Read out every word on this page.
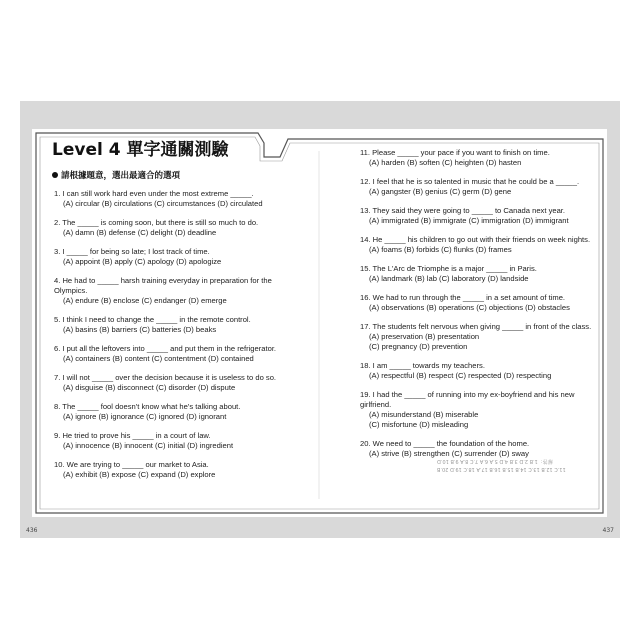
Level 4 單字通關測驗
請根據題意，選出最適合的選項
1. I can still work hard even under the most extreme _____.
(A) circular (B) circulations (C) circumstances (D) circulated
2. The _____ is coming soon, but there is still so much to do.
(A) damn (B) defense (C) delight (D) deadline
3. I _____ for being so late; I lost track of time.
(A) appoint (B) apply (C) apology (D) apologize
4. He had to _____ harsh training everyday in preparation for the Olympics.
(A) endure (B) enclose (C) endanger (D) emerge
5. I think I need to change the _____ in the remote control.
(A) basins (B) barriers (C) batteries (D) beaks
6. I put all the leftovers into _____ and put them in the refrigerator.
(A) containers (B) content (C) contentment (D) contained
7. I will not _____ over the decision because it is useless to do so.
(A) disguise (B) disconnect (C) disorder (D) dispute
8. The _____ fool doesn't know what he's talking about.
(A) ignore (B) ignorance (C) ignored (D) ignorant
9. He tried to prove his _____ in a court of law.
(A) innocence (B) innocent (C) initial (D) ingredient
10. We are trying to _____ our market to Asia.
(A) exhibit (B) expose (C) expand (D) explore
11. Please _____ your pace if you want to finish on time.
(A) harden (B) soften (C) heighten (D) hasten
12. I feel that he is so talented in music that he could be a _____.
(A) gangster (B) genius (C) germ (D) gene
13. They said they were going to _____ to Canada next year.
(A) immigrated (B) immigrate (C) immigration (D) immigrant
14. He _____ his children to go out with their friends on week nights.
(A) foams (B) forbids (C) flunks (D) frames
15. The L'Arc de Triomphe is a major _____ in Paris.
(A) landmark (B) lab (C) laboratory (D) landside
16. We had to run through the _____ in a set amount of time.
(A) observations (B) operations (C) objections (D) obstacles
17. The students felt nervous when giving _____ in front of the class.
(A) preservation (B) presentation
(C) pregnancy (D) prevention
18. I am _____ towards my teachers.
(A) respectful (B) respect (C) respected (D) respecting
19. I had the _____ of running into my ex-boyfriend and his new girlfriend.
(A) misunderstand (B) miserable
(C) misfortune (D) misleading
20. We need to _____ the foundation of the home.
(A) strive (B) strengthen (C) surrender (D) sway
11.C 12.B 13.C 14.B 15.B 16.B 17.A 18.C 19.D 20.B
解答：1.B 2.D 3.B 4.D 5.A 6.A 7.C 8.A 9.B 10.D
436	437
